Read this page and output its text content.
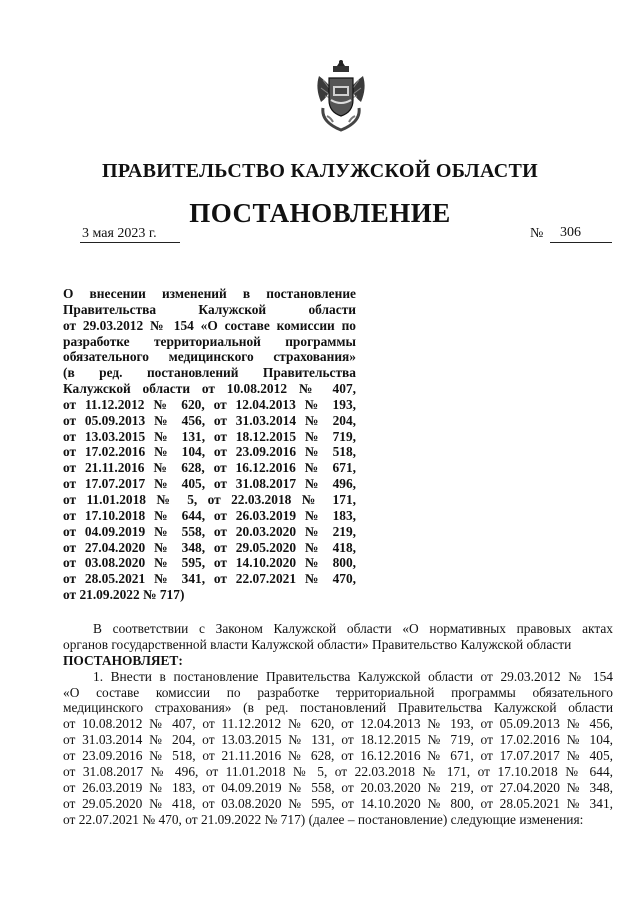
ПРАВИТЕЛЬСТВО КАЛУЖСКОЙ ОБЛАСТИ
ПОСТАНОВЛЕНИЕ
3 мая 2023 г.	№ 306
О внесении изменений в постановление
Правительства Калужской области
от 29.03.2012 № 154 «О составе комиссии по
разработке территориальной программы
обязательного медицинского страхования»
(в ред. постановлений Правительства
Калужской области от 10.08.2012 № 407,
от 11.12.2012 № 620, от 12.04.2013 № 193,
от 05.09.2013 № 456, от 31.03.2014 № 204,
от 13.03.2015 № 131, от 18.12.2015 № 719,
от 17.02.2016 № 104, от 23.09.2016 № 518,
от 21.11.2016 № 628, от 16.12.2016 № 671,
от 17.07.2017 № 405, от 31.08.2017 № 496,
от 11.01.2018 № 5, от 22.03.2018 № 171,
от 17.10.2018 № 644, от 26.03.2019 № 183,
от 04.09.2019 № 558, от 20.03.2020 № 219,
от 27.04.2020 № 348, от 29.05.2020 № 418,
от 03.08.2020 № 595, от 14.10.2020 № 800,
от 28.05.2021 № 341, от 22.07.2021 № 470,
от 21.09.2022 № 717)
В соответствии с Законом Калужской области «О нормативных правовых актах
органов государственной власти Калужской области» Правительство Калужской области
ПОСТАНОВЛЯЕТ:
1. Внести в постановление Правительства Калужской области от 29.03.2012 № 154
«О составе комиссии по разработке территориальной программы обязательного
медицинского страхования» (в ред. постановлений Правительства Калужской области
от 10.08.2012 № 407, от 11.12.2012 № 620, от 12.04.2013 № 193, от 05.09.2013 № 456,
от 31.03.2014 № 204, от 13.03.2015 № 131, от 18.12.2015 № 719, от 17.02.2016 № 104,
от 23.09.2016 № 518, от 21.11.2016 № 628, от 16.12.2016 № 671, от 17.07.2017 № 405,
от 31.08.2017 № 496, от 11.01.2018 № 5, от 22.03.2018 № 171, от 17.10.2018 № 644,
от 26.03.2019 № 183, от 04.09.2019 № 558, от 20.03.2020 № 219, от 27.04.2020 № 348,
от 29.05.2020 № 418, от 03.08.2020 № 595, от 14.10.2020 № 800, от 28.05.2021 № 341,
от 22.07.2021 № 470, от 21.09.2022 № 717) (далее – постановление) следующие изменения:
